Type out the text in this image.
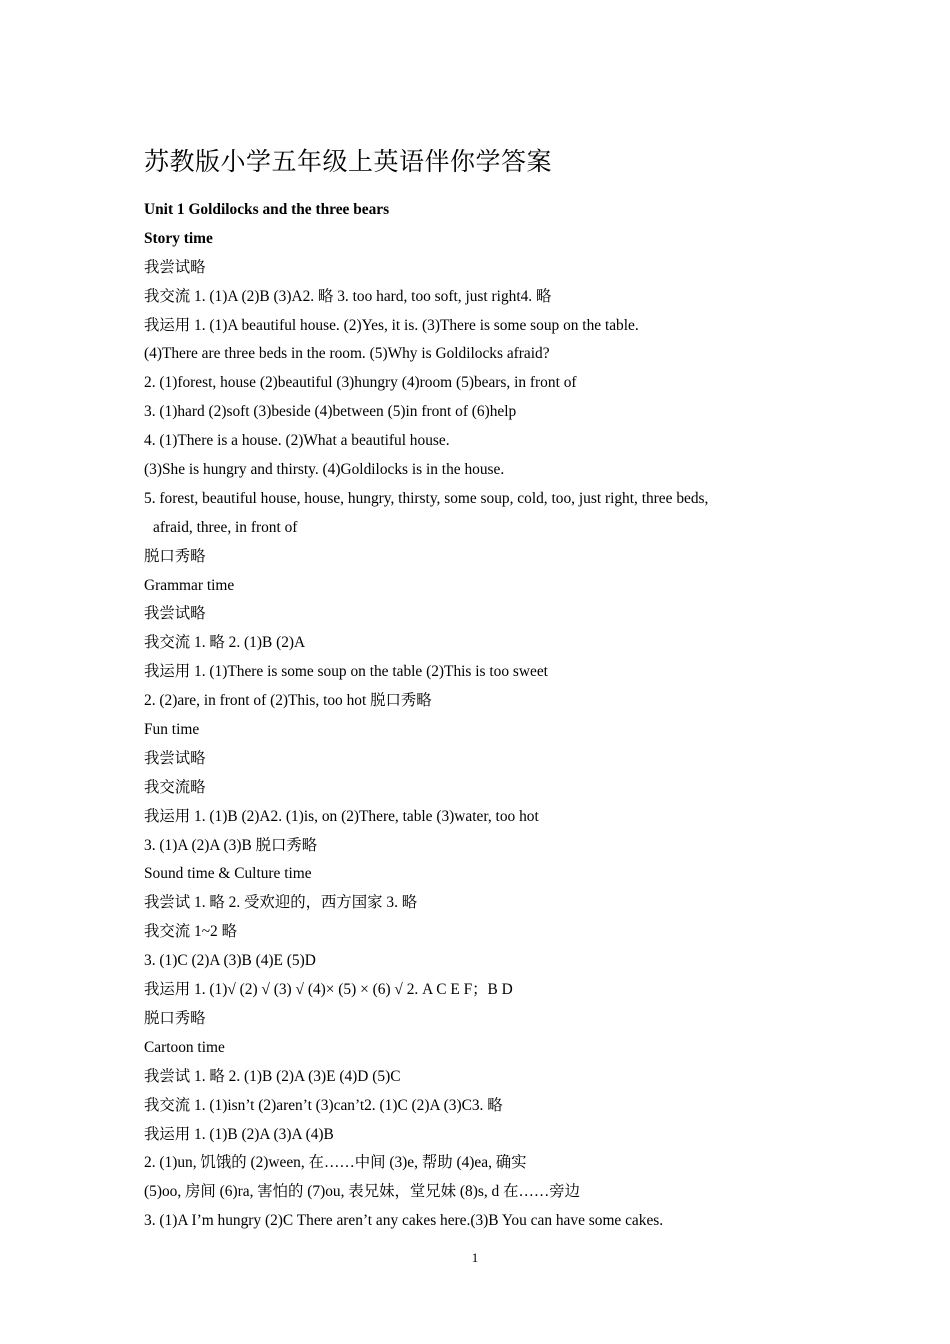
苏教版小学五年级上英语伴你学答案
Unit 1 Goldilocks and the three bears
Story time
我尝试略
我交流 1. (1)A (2)B (3)A2. 略 3. too hard, too soft, just right4. 略
我运用 1. (1)A beautiful house. (2)Yes, it is. (3)There is some soup on the table.
(4)There are three beds in the room. (5)Why is Goldilocks afraid?
2. (1)forest, house (2)beautiful (3)hungry (4)room (5)bears, in front of
3. (1)hard (2)soft (3)beside (4)between (5)in front of (6)help
4. (1)There is a house. (2)What a beautiful house.
(3)She is hungry and thirsty. (4)Goldilocks is in the house.
5. forest, beautiful house, house, hungry, thirsty, some soup, cold, too, just right, three beds,
afraid, three, in front of
脱口秀略
Grammar time
我尝试略
我交流 1. 略 2. (1)B (2)A
我运用 1. (1)There is some soup on the table (2)This is too sweet
2. (2)are, in front of (2)This, too hot 脱口秀略
Fun time
我尝试略
我交流略
我运用 1. (1)B (2)A2. (1)is, on (2)There, table (3)water, too hot
3. (1)A (2)A (3)B 脱口秀略
Sound time & Culture time
我尝试 1. 略 2. 受欢迎的，西方国家 3. 略
我交流 1~2 略
3. (1)C (2)A (3)B (4)E (5)D
我运用 1. (1)√ (2) √ (3) √ (4)× (5) × (6) √ 2. A C E F；B D
脱口秀略
Cartoon time
我尝试 1. 略 2. (1)B (2)A (3)E (4)D (5)C
我交流 1. (1)isn’t (2)aren’t (3)can’t2. (1)C (2)A (3)C3. 略
我运用 1. (1)B (2)A (3)A (4)B
2. (1)un, 饥饿的 (2)ween, 在……中间 (3)e, 帮助 (4)ea, 确实
(5)oo, 房间 (6)ra, 害怕的 (7)ou, 表兄妹，堂兄妹 (8)s, d 在……旁边
3. (1)A I’m hungry (2)C There aren’t any cakes here.(3)B You can have some cakes.
1
